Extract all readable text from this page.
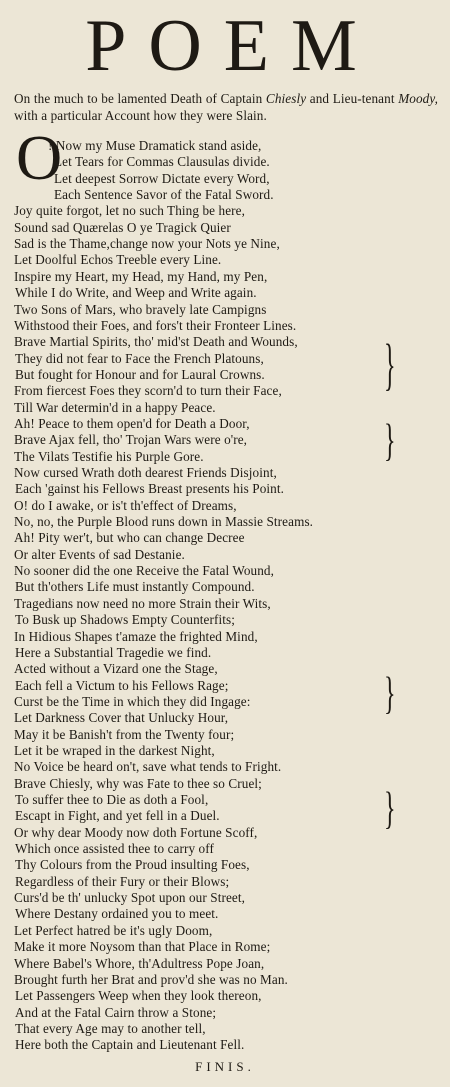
POEM
On the much to be lamented Death of Captain Chiesly and Lieu-tenant Moody, with a particular Account how they were Slain.
O
! Now my Muse Dramatick stand aside,
Let Tears for Commas Clausulas divide.
Let deepest Sorrow Dictate every Word,
Each Sentence Savor of the Fatal Sword.
Joy quite forgot, let no such Thing be here,
Sound sad Quærelas O ye Tragick Quier
Sad is the Thame,change now your Nots ye Nine,
Let Doolful Echos Treeble every Line.
Inspire my Heart, my Head, my Hand, my Pen,
While I do Write, and Weep and Write again.
Two Sons of Mars, who bravely late Campigns
Withstood their Foes, and fors't their Fronteer Lines.
Brave Martial Spirits, tho' mid'st Death and Wounds,
They did not fear to Face the French Platouns,
But fought for Honour and for Laural Crowns.
From fiercest Foes they scorn'd to turn their Face,
Till War determin'd in a happy Peace.
Ah! Peace to them open'd for Death a Door,
Brave Ajax fell, tho' Trojan Wars were o're,
The Vilats Testifie his Purple Gore.
Now cursed Wrath doth dearest Friends Disjoint,
Each 'gainst his Fellows Breast presents his Point.
O! do I awake, or is't th'effect of Dreams,
No, no, the Purple Blood runs down in Massie Streams.
Ah! Pity wer't, but who can change Decree
Or alter Events of sad Destanie.
No sooner did the one Receive the Fatal Wound,
But th'others Life must instantly Compound.
Tragedians now need no more Strain their Wits,
To Busk up Shadows Empty Counterfits;
In Hidious Shapes t'amaze the frighted Mind,
Here a Substantial Tragedie we find.
Acted without a Vizard one the Stage,
Each fell a Victum to his Fellows Rage;
Curst be the Time in which they did Ingage:
Let Darkness Cover that Unlucky Hour,
May it be Banish't from the Twenty four;
Let it be wraped in the darkest Night,
No Voice be heard on't, save what tends to Fright.
Brave Chiesly, why was Fate to thee so Cruel;
To suffer thee to Die as doth a Fool,
Escapt in Fight, and yet fell in a Duel.
Or why dear Moody now doth Fortune Scoff,
Which once assisted thee to carry off
Thy Colours from the Proud insulting Foes,
Regardless of their Fury or their Blows;
Curs'd be th' unlucky Spot upon our Street,
Where Destany ordained you to meet.
Let Perfect hatred be it's ugly Doom,
Make it more Noysom than that Place in Rome;
Where Babel's Whore, th'Adultress Pope Joan,
Brought furth her Brat and prov'd she was no Man.
Let Passengers Weep when they look thereon,
And at the Fatal Cairn throw a Stone;
That every Age may to another tell,
Here both the Captain and Lieutenant Fell.
}
}
}
}
FINIS.
